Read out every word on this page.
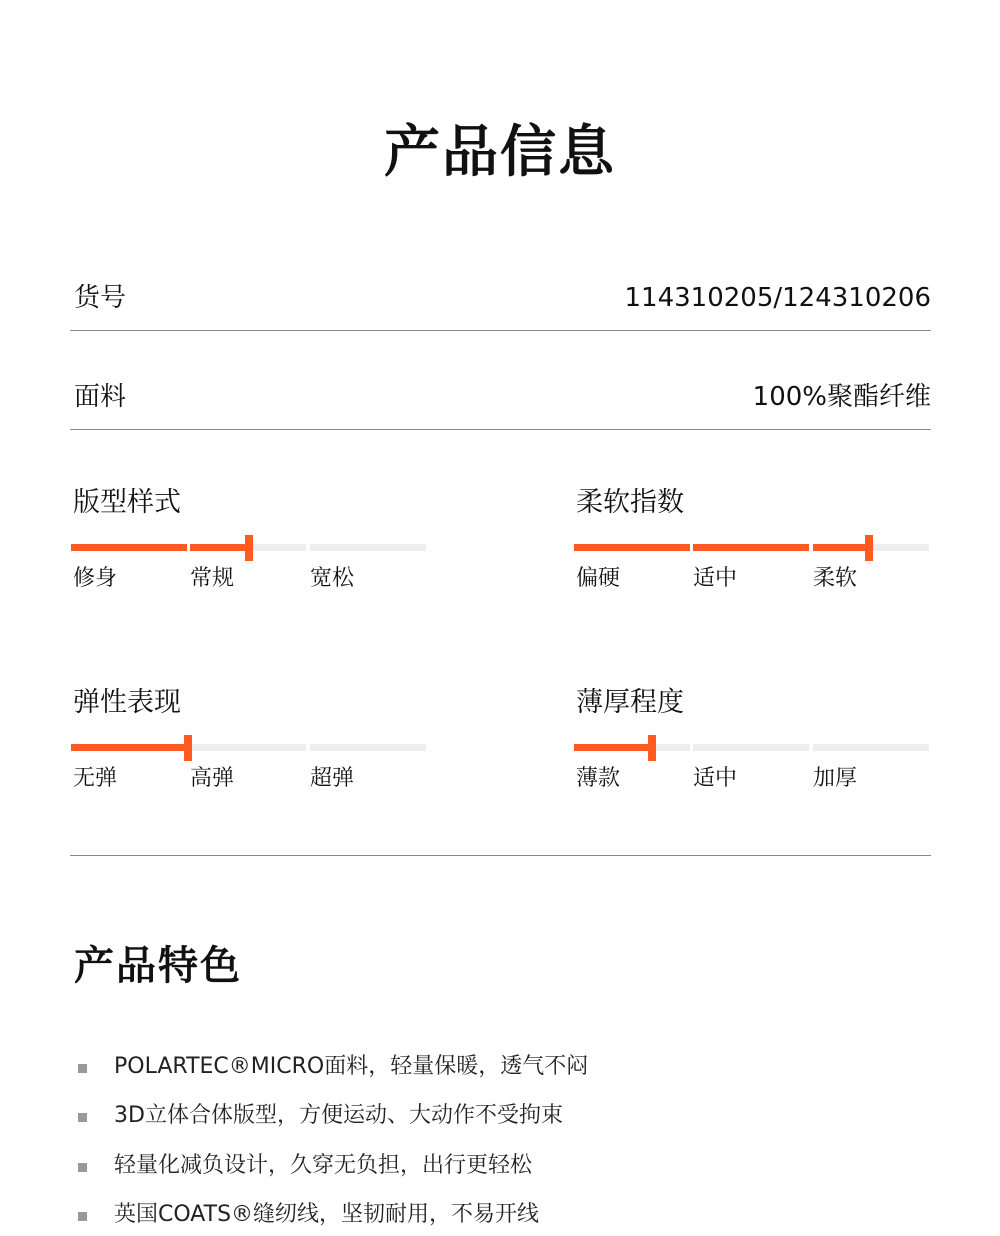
产品信息
货号	114310205/124310206
面料	100%聚酯纤维
版型样式
修身	常规	宽松
柔软指数
偏硬	适中	柔软
弹性表现
无弹	高弹	超弹
薄厚程度
薄款	适中	加厚
产品特色
POLARTEC®MICRO面料，轻量保暖，透气不闷
3D立体合体版型，方便运动、大动作不受拘束
轻量化减负设计，久穿无负担，出行更轻松
英国COATS®缝纫线，坚韧耐用，不易开线
